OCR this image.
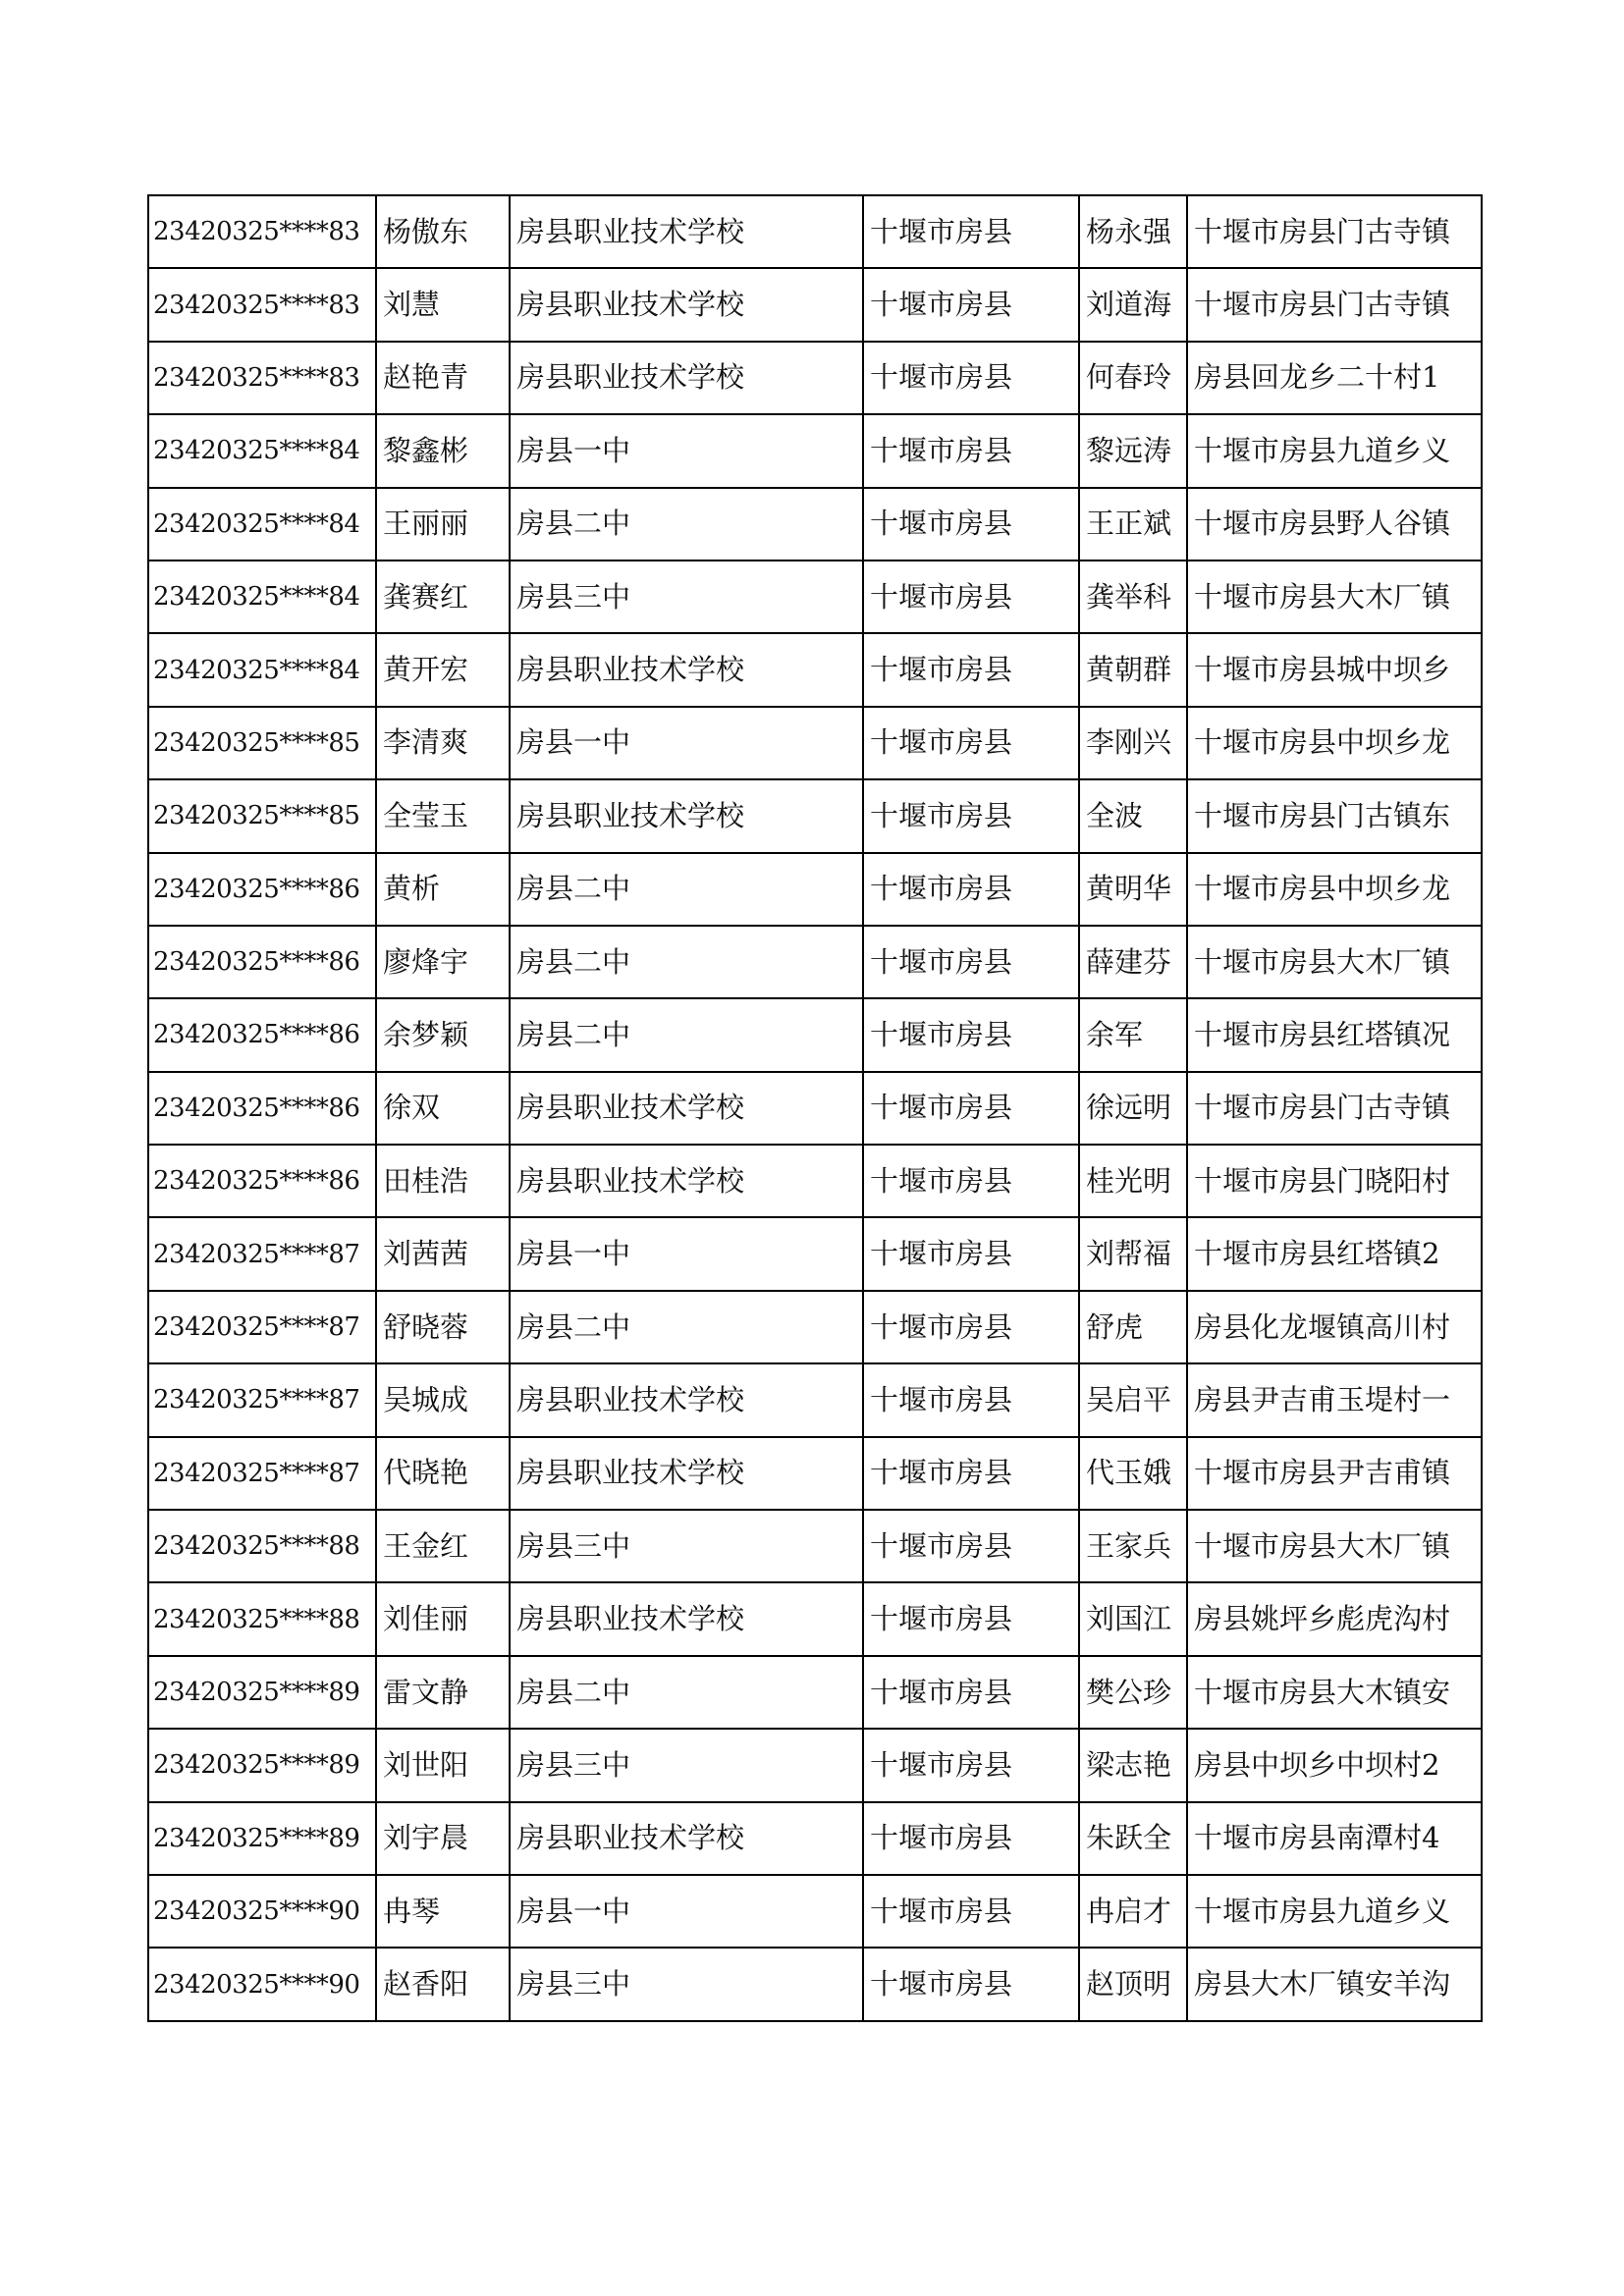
23420325****83	杨傲东	房县职业技术学校	十堰市房县	杨永强	十堰市房县门古寺镇
23420325****83	刘慧	房县职业技术学校	十堰市房县	刘道海	十堰市房县门古寺镇
23420325****83	赵艳青	房县职业技术学校	十堰市房县	何春玲	房县回龙乡二十村1
23420325****84	黎鑫彬	房县一中	十堰市房县	黎远涛	十堰市房县九道乡义
23420325****84	王丽丽	房县二中	十堰市房县	王正斌	十堰市房县野人谷镇
23420325****84	龚赛红	房县三中	十堰市房县	龚举科	十堰市房县大木厂镇
23420325****84	黄开宏	房县职业技术学校	十堰市房县	黄朝群	十堰市房县城中坝乡
23420325****85	李清爽	房县一中	十堰市房县	李刚兴	十堰市房县中坝乡龙
23420325****85	全莹玉	房县职业技术学校	十堰市房县	全波	十堰市房县门古镇东
23420325****86	黄析	房县二中	十堰市房县	黄明华	十堰市房县中坝乡龙
23420325****86	廖烽宇	房县二中	十堰市房县	薛建芬	十堰市房县大木厂镇
23420325****86	余梦颖	房县二中	十堰市房县	余军	十堰市房县红塔镇况
23420325****86	徐双	房县职业技术学校	十堰市房县	徐远明	十堰市房县门古寺镇
23420325****86	田桂浩	房县职业技术学校	十堰市房县	桂光明	十堰市房县门晓阳村
23420325****87	刘茜茜	房县一中	十堰市房县	刘帮福	十堰市房县红塔镇2
23420325****87	舒晓蓉	房县二中	十堰市房县	舒虎	房县化龙堰镇高川村
23420325****87	吴城成	房县职业技术学校	十堰市房县	吴启平	房县尹吉甫玉堤村一
23420325****87	代晓艳	房县职业技术学校	十堰市房县	代玉娥	十堰市房县尹吉甫镇
23420325****88	王金红	房县三中	十堰市房县	王家兵	十堰市房县大木厂镇
23420325****88	刘佳丽	房县职业技术学校	十堰市房县	刘国江	房县姚坪乡彪虎沟村
23420325****89	雷文静	房县二中	十堰市房县	樊公珍	十堰市房县大木镇安
23420325****89	刘世阳	房县三中	十堰市房县	梁志艳	房县中坝乡中坝村2
23420325****89	刘宇晨	房县职业技术学校	十堰市房县	朱跃全	十堰市房县南潭村4
23420325****90	冉琴	房县一中	十堰市房县	冉启才	十堰市房县九道乡义
23420325****90	赵香阳	房县三中	十堰市房县	赵顶明	房县大木厂镇安羊沟
